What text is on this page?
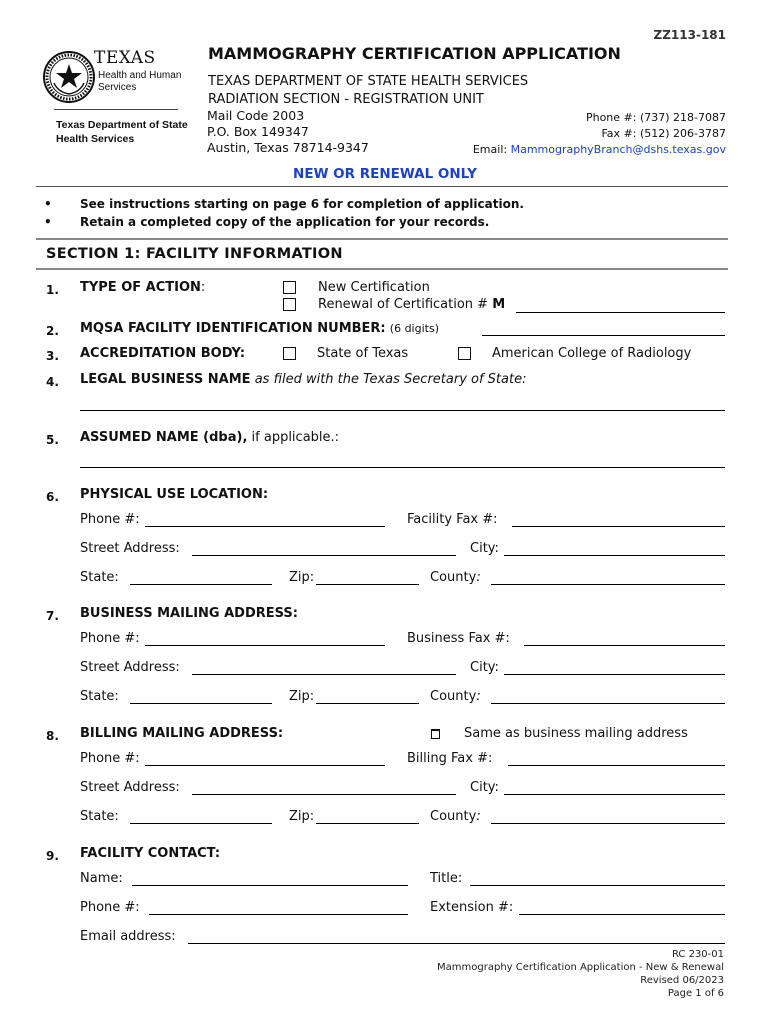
ZZ113-181
TEXAS
Health and Human
Services
Texas Department of State
Health Services
MAMMOGRAPHY CERTIFICATION APPLICATION
TEXAS DEPARTMENT OF STATE HEALTH SERVICES
RADIATION SECTION - REGISTRATION UNIT
Mail Code 2003
P.O. Box 149347
Austin, Texas 78714-9347
Phone #: (737) 218-7087
Fax #: (512) 206-3787
Email: MammographyBranch@dshs.texas.gov
NEW OR RENEWAL ONLY
• See instructions starting on page 6 for completion of application.
• Retain a completed copy of the application for your records.
SECTION 1: FACILITY INFORMATION
1. TYPE OF ACTION:	New Certification
Renewal of Certification # M
2. MQSA FACILITY IDENTIFICATION NUMBER: (6 digits)
3. ACCREDITATION BODY:	State of Texas	American College of Radiology
4. LEGAL BUSINESS NAME as filed with the Texas Secretary of State:
5. ASSUMED NAME (dba), if applicable.:
6. PHYSICAL USE LOCATION:
Phone #:	Facility Fax #:
Street Address:	City:
State:	Zip:	County:
7. BUSINESS MAILING ADDRESS:
Phone #:	Business Fax #:
Street Address:	City:
State:	Zip:	County:
8. BILLING MAILING ADDRESS:	Same as business mailing address
Phone #:	Billing Fax #:
Street Address:	City:
State:	Zip:	County:
9. FACILITY CONTACT:
Name:	Title:
Phone #:	Extension #:
Email address:
RC 230-01
Mammography Certification Application - New & Renewal
Revised 06/2023
Page 1 of 6
